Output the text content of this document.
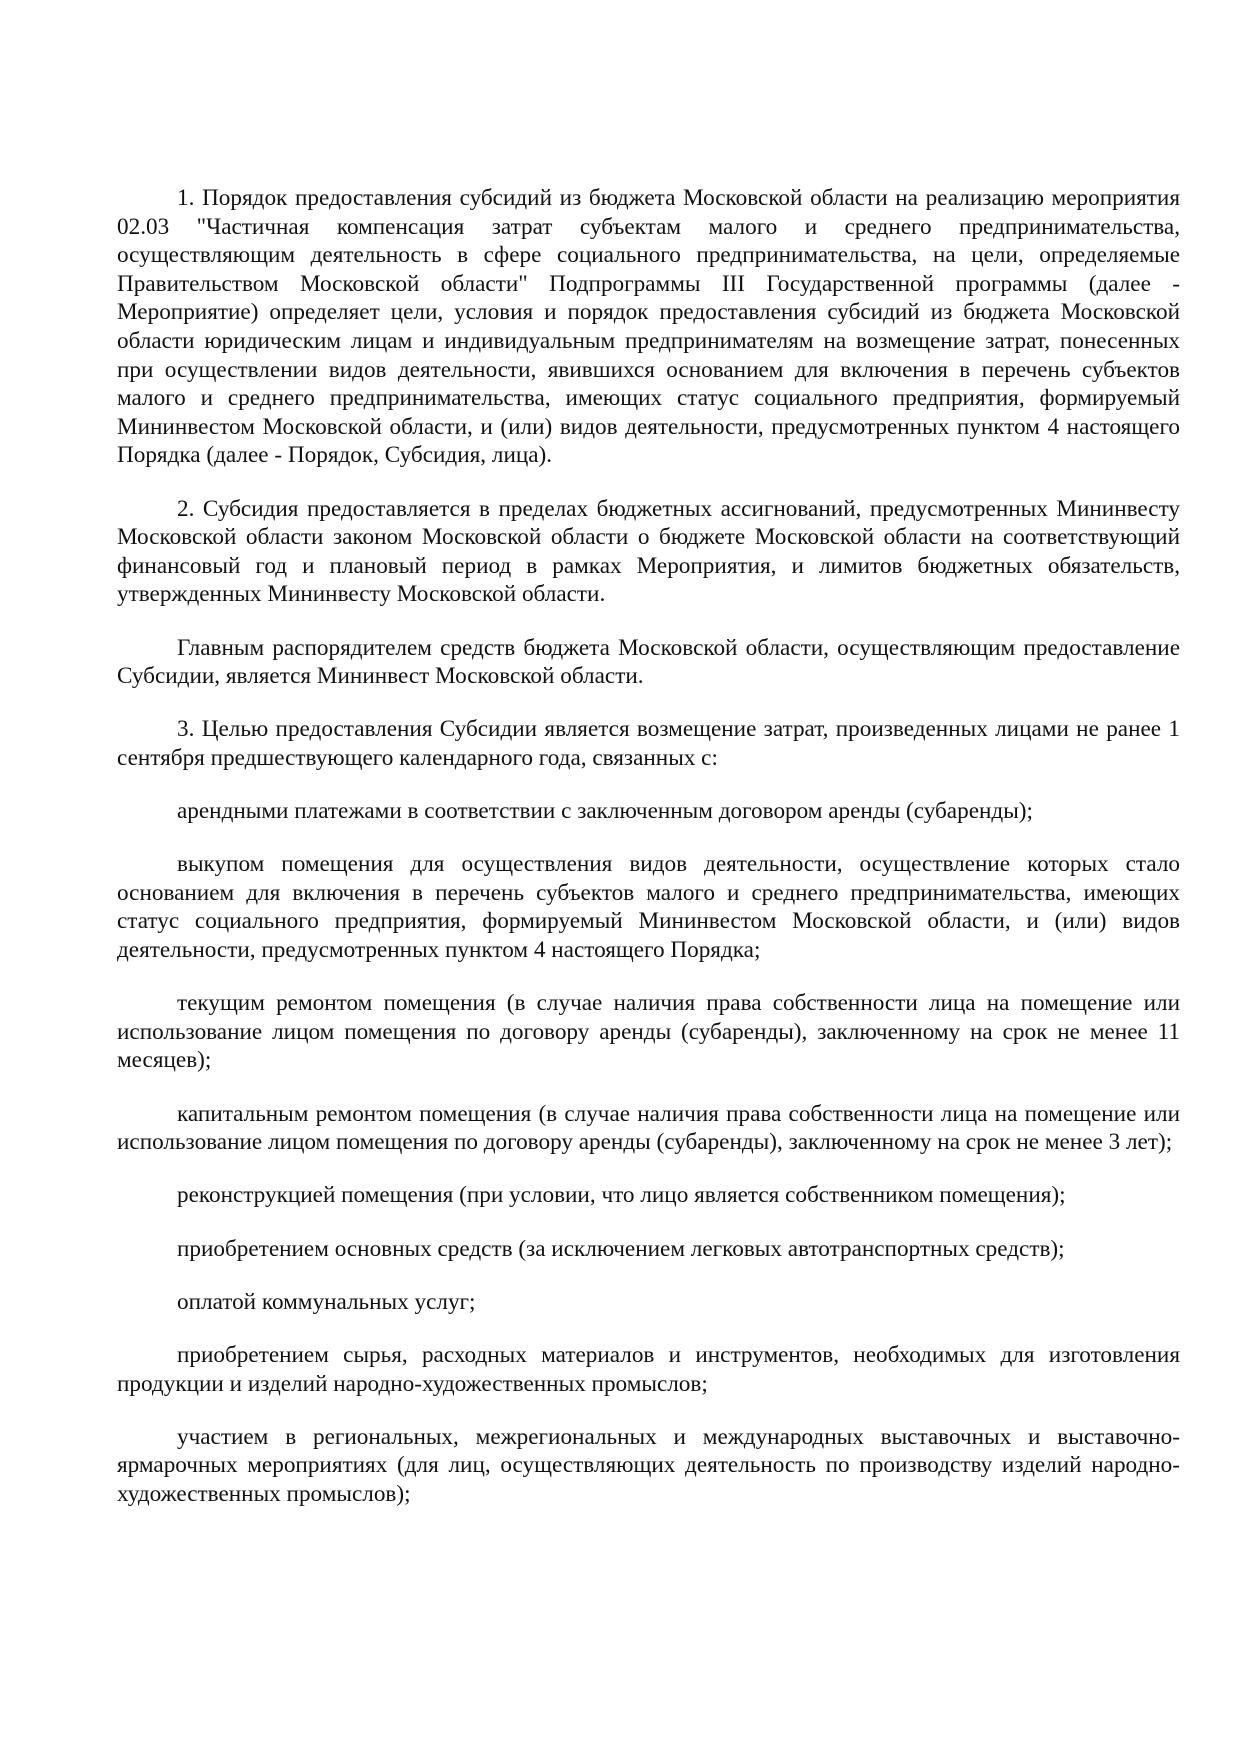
1. Порядок предоставления субсидий из бюджета Московской области на реализацию мероприятия 02.03 "Частичная компенсация затрат субъектам малого и среднего предпринимательства, осуществляющим деятельность в сфере социального предпринимательства, на цели, определяемые Правительством Московской области" Подпрограммы III Государственной программы (далее - Мероприятие) определяет цели, условия и порядок предоставления субсидий из бюджета Московской области юридическим лицам и индивидуальным предпринимателям на возмещение затрат, понесенных при осуществлении видов деятельности, явившихся основанием для включения в перечень субъектов малого и среднего предпринимательства, имеющих статус социального предприятия, формируемый Мининвестом Московской области, и (или) видов деятельности, предусмотренных пунктом 4 настоящего Порядка (далее - Порядок, Субсидия, лица).

2. Субсидия предоставляется в пределах бюджетных ассигнований, предусмотренных Мининвесту Московской области законом Московской области о бюджете Московской области на соответствующий финансовый год и плановый период в рамках Мероприятия, и лимитов бюджетных обязательств, утвержденных Мининвесту Московской области.

Главным распорядителем средств бюджета Московской области, осуществляющим предоставление Субсидии, является Мининвест Московской области.

3. Целью предоставления Субсидии является возмещение затрат, произведенных лицами не ранее 1 сентября предшествующего календарного года, связанных с:

арендными платежами в соответствии с заключенным договором аренды (субаренды);

выкупом помещения для осуществления видов деятельности, осуществление которых стало основанием для включения в перечень субъектов малого и среднего предпринимательства, имеющих статус социального предприятия, формируемый Мининвестом Московской области, и (или) видов деятельности, предусмотренных пунктом 4 настоящего Порядка;

текущим ремонтом помещения (в случае наличия права собственности лица на помещение или использование лицом помещения по договору аренды (субаренды), заключенному на срок не менее 11 месяцев);

капитальным ремонтом помещения (в случае наличия права собственности лица на помещение или использование лицом помещения по договору аренды (субаренды), заключенному на срок не менее 3 лет);

реконструкцией помещения (при условии, что лицо является собственником помещения);

приобретением основных средств (за исключением легковых автотранспортных средств);

оплатой коммунальных услуг;

приобретением сырья, расходных материалов и инструментов, необходимых для изготовления продукции и изделий народно-художественных промыслов;

участием в региональных, межрегиональных и международных выставочных и выставочно-ярмарочных мероприятиях (для лиц, осуществляющих деятельность по производству изделий народно-художественных промыслов);
